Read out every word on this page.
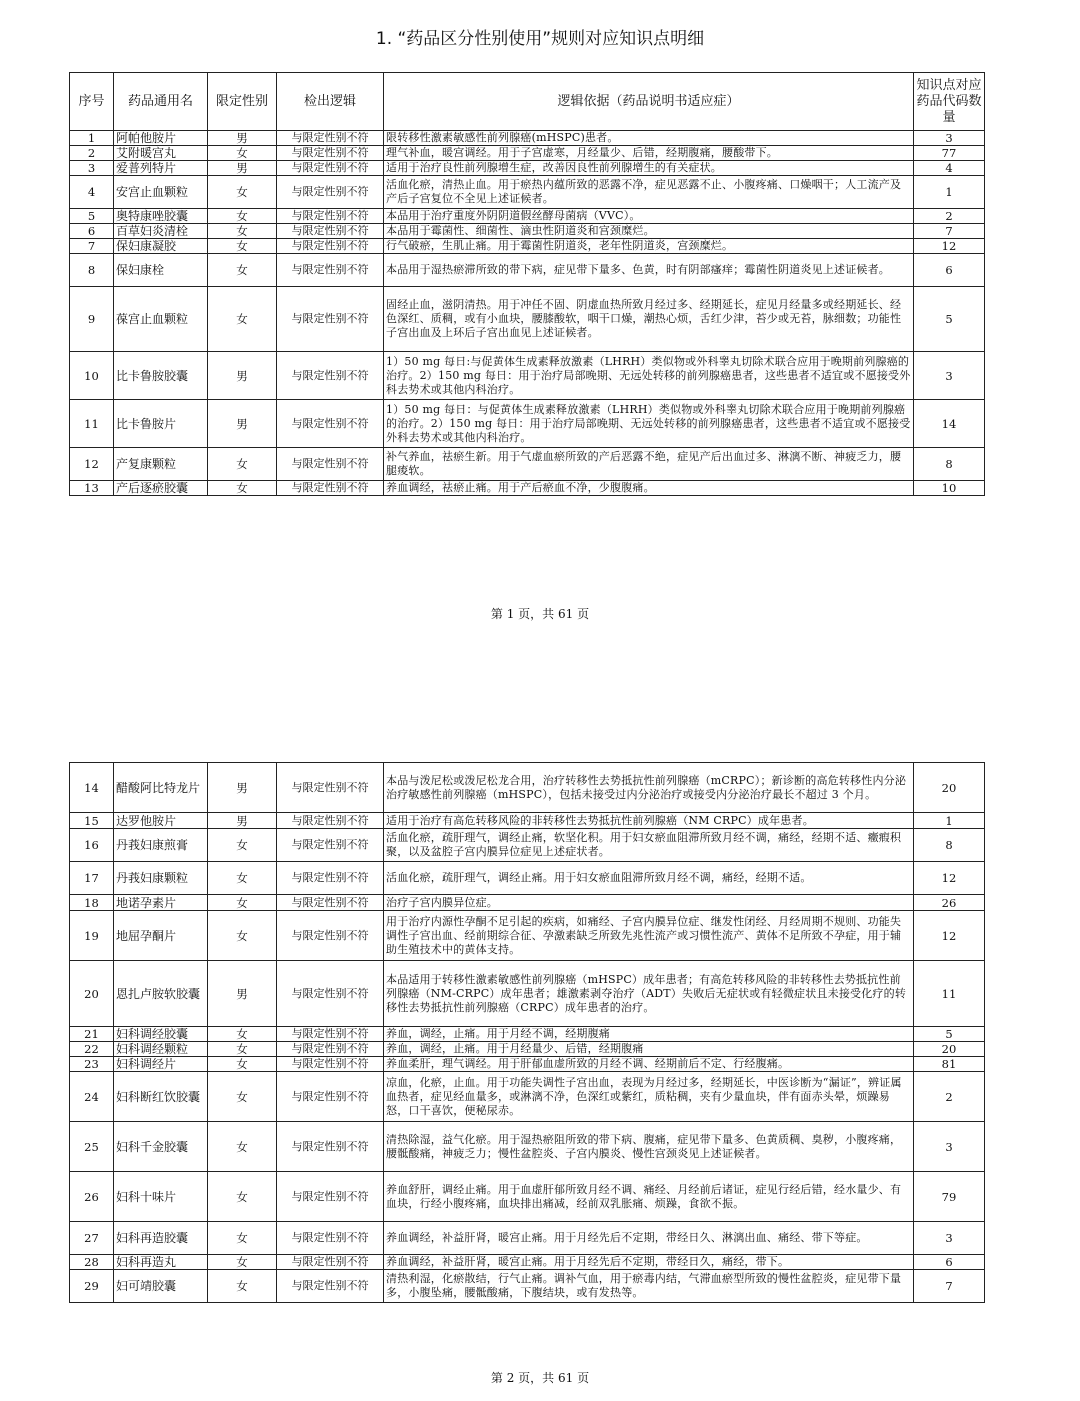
1. “药品区分性别使用”规则对应知识点明细
序号	药品通用名	限定性别	检出逻辑	逻辑依据（药品说明书适应症）	知识点对应药品代码数量
1	阿帕他胺片	男	与限定性别不符	限转移性激素敏感性前列腺癌(mHSPC)患者。	3
2	艾附暖宫丸	女	与限定性别不符	理气补血，暖宫调经。用于子宫虚寒，月经量少、后错，经期腹痛，腰酸带下。	77
3	爱普列特片	男	与限定性别不符	适用于治疗良性前列腺增生症，改善因良性前列腺增生的有关症状。	4
4	安宫止血颗粒	女	与限定性别不符	活血化瘀，清热止血。用于瘀热内蕴所致的恶露不净，症见恶露不止、小腹疼痛、口燥咽干；人工流产及产后子宫复位不全见上述证候者。	1
5	奥特康唑胶囊	女	与限定性别不符	本品用于治疗重度外阴阴道假丝酵母菌病（VVC）。	2
6	百草妇炎清栓	女	与限定性别不符	本品用于霉菌性、细菌性、滴虫性阴道炎和宫颈糜烂。	7
7	保妇康凝胶	女	与限定性别不符	行气破瘀，生肌止痛。用于霉菌性阴道炎，老年性阴道炎，宫颈糜烂。	12
8	保妇康栓	女	与限定性别不符	本品用于湿热瘀滞所致的带下病，症见带下量多、色黄，时有阴部瘙痒；霉菌性阴道炎见上述证候者。	6
9	葆宫止血颗粒	女	与限定性别不符	固经止血，滋阴清热。用于冲任不固、阴虚血热所致月经过多、经期延长，症见月经量多或经期延长、经色深红、质稠，或有小血块，腰膝酸软，咽干口燥，潮热心烦，舌红少津，苔少或无苔，脉细数；功能性子宫出血及上环后子宫出血见上述证候者。	5
10	比卡鲁胺胶囊	男	与限定性别不符	1）50 mg 每日:与促黄体生成素释放激素（LHRH）类似物或外科睾丸切除术联合应用于晚期前列腺癌的治疗。2）150 mg 每日：用于治疗局部晚期、无远处转移的前列腺癌患者，这些患者不适宜或不愿接受外科去势术或其他内科治疗。	3
11	比卡鲁胺片	男	与限定性别不符	1）50 mg 每日：与促黄体生成素释放激素（LHRH）类似物或外科睾丸切除术联合应用于晚期前列腺癌的治疗。2）150 mg 每日：用于治疗局部晚期、无远处转移的前列腺癌患者，这些患者不适宜或不愿接受外科去势术或其他内科治疗。	14
12	产复康颗粒	女	与限定性别不符	补气养血，祛瘀生新。用于气虚血瘀所致的产后恶露不绝，症见产后出血过多、淋漓不断、神疲乏力，腰腿痠软。	8
13	产后逐瘀胶囊	女	与限定性别不符	养血调经，祛瘀止痛。用于产后瘀血不净，少腹腹痛。	10
第 1 页，共 61 页
14	醋酸阿比特龙片	男	与限定性别不符	本品与泼尼松或泼尼松龙合用，治疗转移性去势抵抗性前列腺癌（mCRPC）；新诊断的高危转移性内分泌治疗敏感性前列腺癌（mHSPC），包括未接受过内分泌治疗或接受内分泌治疗最长不超过 3 个月。	20
15	达罗他胺片	男	与限定性别不符	适用于治疗有高危转移风险的非转移性去势抵抗性前列腺癌（NM CRPC）成年患者。	1
16	丹莪妇康煎膏	女	与限定性别不符	活血化瘀，疏肝理气，调经止痛，软坚化积。用于妇女瘀血阻滞所致月经不调，痛经，经期不适、癥瘕积聚，以及盆腔子宫内膜异位症见上述症状者。	8
17	丹莪妇康颗粒	女	与限定性别不符	活血化瘀，疏肝理气，调经止痛。用于妇女瘀血阻滞所致月经不调，痛经，经期不适。	12
18	地诺孕素片	女	与限定性别不符	治疗子宫内膜异位症。	26
19	地屈孕酮片	女	与限定性别不符	用于治疗内源性孕酮不足引起的疾病，如痛经、子宫内膜异位症、继发性闭经、月经周期不规则、功能失调性子宫出血、经前期综合征、孕激素缺乏所致先兆性流产或习惯性流产、黄体不足所致不孕症，用于辅助生殖技术中的黄体支持。	12
20	恩扎卢胺软胶囊	男	与限定性别不符	本品适用于转移性激素敏感性前列腺癌（mHSPC）成年患者；有高危转移风险的非转移性去势抵抗性前列腺癌（NM-CRPC）成年患者；雄激素剥夺治疗（ADT）失败后无症状或有轻微症状且未接受化疗的转移性去势抵抗性前列腺癌（CRPC）成年患者的治疗。	11
21	妇科调经胶囊	女	与限定性别不符	养血，调经，止痛。用于月经不调，经期腹痛	5
22	妇科调经颗粒	女	与限定性别不符	养血，调经，止痛。用于月经量少、后错，经期腹痛	20
23	妇科调经片	女	与限定性别不符	养血柔肝，理气调经。用于肝郁血虚所致的月经不调、经期前后不定、行经腹痛。	81
24	妇科断红饮胶囊	女	与限定性别不符	凉血，化瘀，止血。用于功能失调性子宫出血，表现为月经过多，经期延长，中医诊断为“漏证”，辨证属血热者，症见经血量多，或淋漓不净，色深红或紫红，质粘稠，夹有少量血块，伴有面赤头晕，烦躁易怒，口干喜饮，便秘尿赤。	2
25	妇科千金胶囊	女	与限定性别不符	清热除湿，益气化瘀。用于湿热瘀阻所致的带下病、腹痛，症见带下量多、色黄质稠、臭秽，小腹疼痛，腰骶酸痛，神疲乏力；慢性盆腔炎、子宫内膜炎、慢性宫颈炎见上述证候者。	3
26	妇科十味片	女	与限定性别不符	养血舒肝，调经止痛。用于血虚肝郁所致月经不调、痛经、月经前后诸证，症见行经后错，经水量少、有血块，行经小腹疼痛，血块排出痛减，经前双乳胀痛、烦躁，食欲不振。	79
27	妇科再造胶囊	女	与限定性别不符	养血调经，补益肝肾，暖宫止痛。用于月经先后不定期，带经日久、淋漓出血、痛经、带下等症。	3
28	妇科再造丸	女	与限定性别不符	养血调经，补益肝肾，暖宫止痛。用于月经先后不定期，带经日久，痛经，带下。	6
29	妇可靖胶囊	女	与限定性别不符	清热利湿，化瘀散结，行气止痛。调补气血，用于瘀毒内结，气滞血瘀型所致的慢性盆腔炎，症见带下量多，小腹坠痛，腰骶酸痛，下腹结块，或有发热等。	7
第 2 页，共 61 页
